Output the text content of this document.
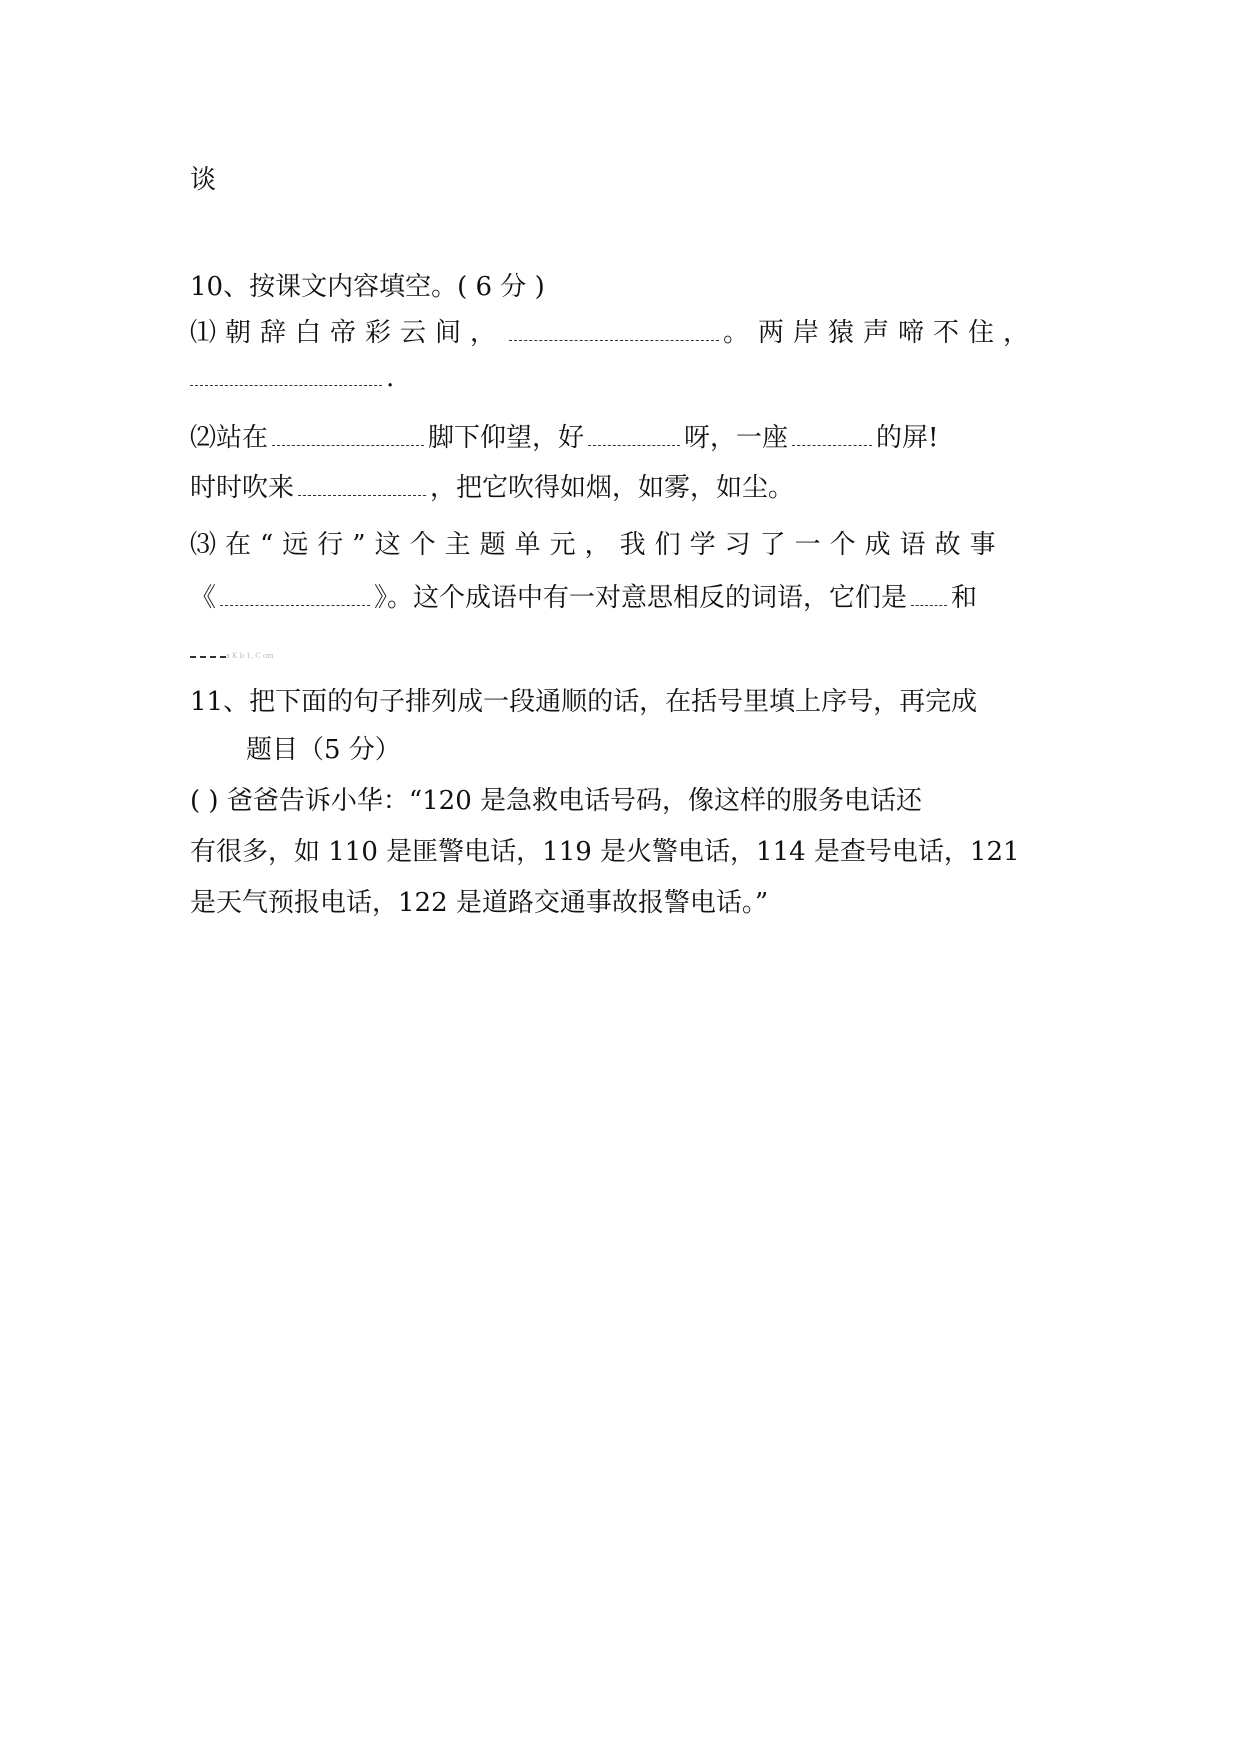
谈
10、按课文内容填空。( 6 分 )
⑴朝辞白帝彩云间，	。两岸猿声啼不住，
.
⑵站在	脚下仰望，好	呀，一座	的屏!
时时吹来	，把它吹得如烟，如雾，如尘。
⑶在“远行”这个主题单元，我们学习了一个成语故事
《	》。这个成语中有一对意思相反的词语，它们是 和
x K b 1. C om
11、把下面的句子排列成一段通顺的话，在括号里填上序号，再完成
题目（5 分）
( ) 爸爸告诉小华：“120 是急救电话号码，像这样的服务电话还
有很多，如 110 是匪警电话，119 是火警电话，114 是查号电话，121
是天气预报电话，122 是道路交通事故报警电话。”
